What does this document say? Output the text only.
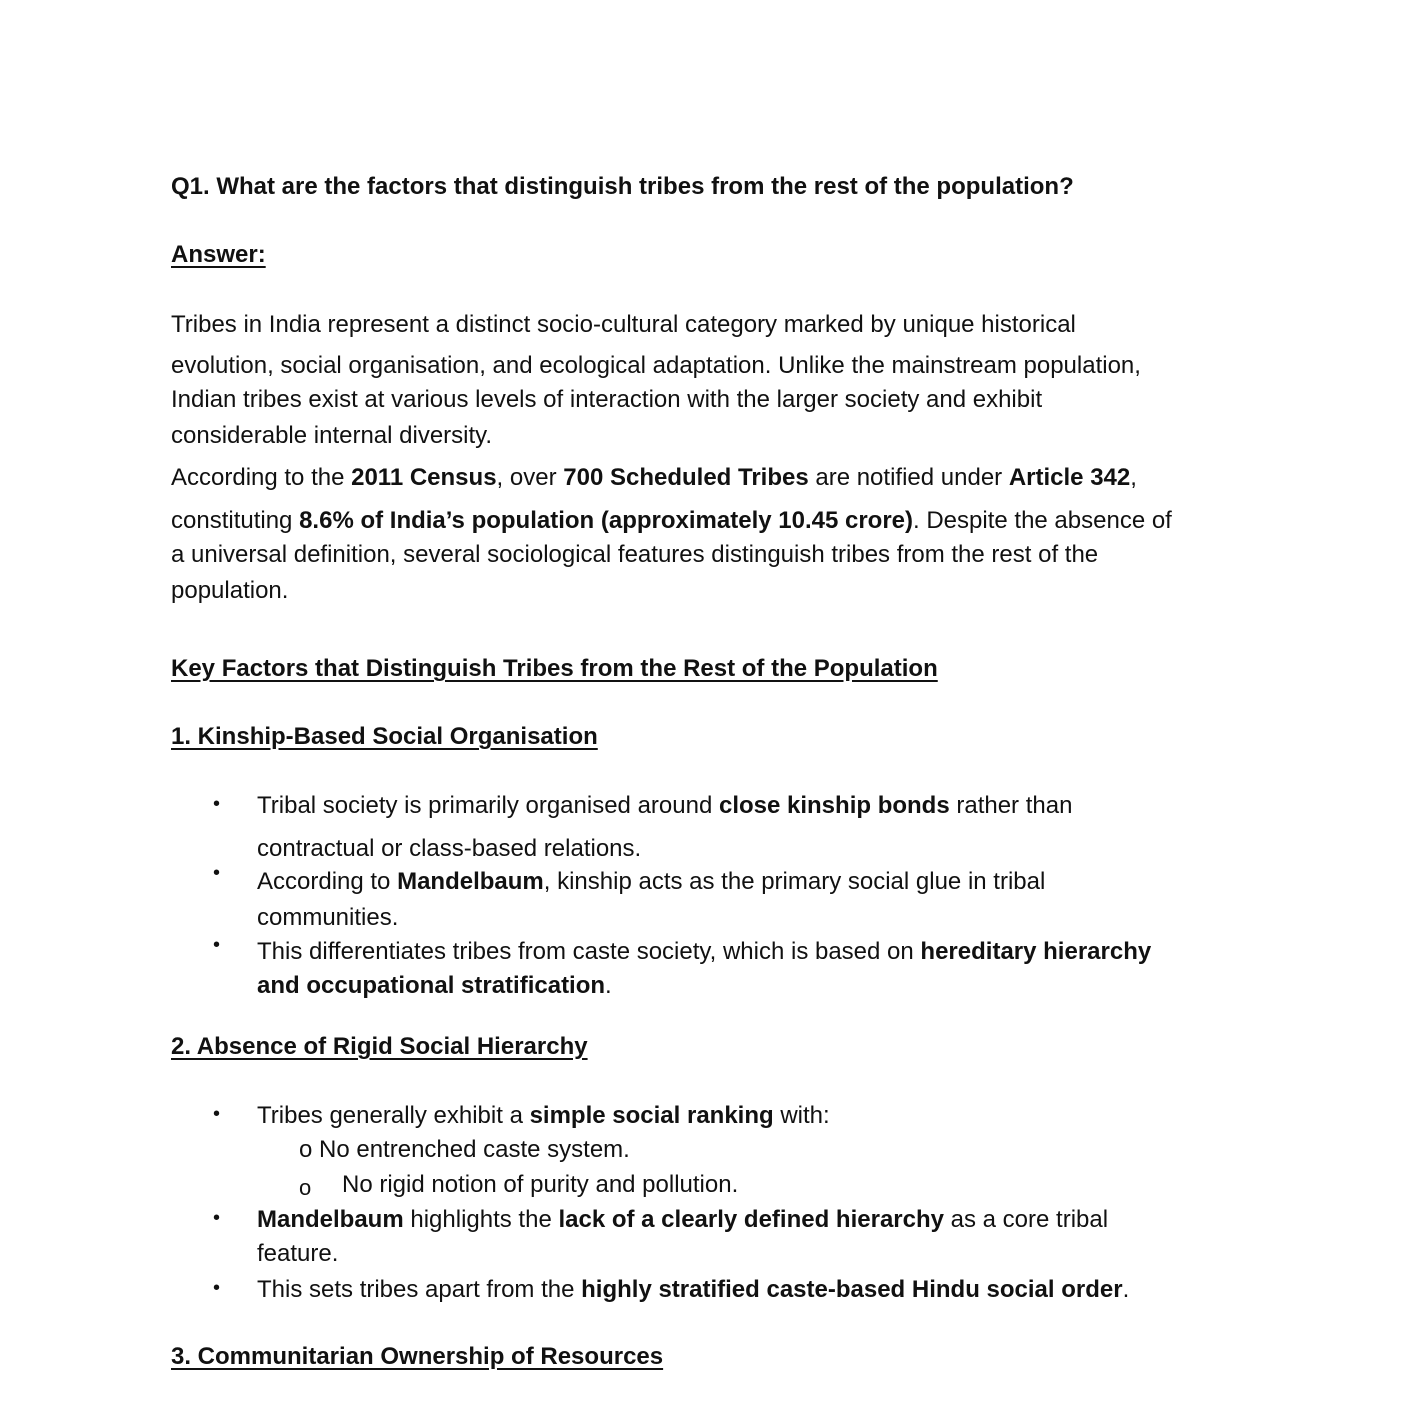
Q1. What are the factors that distinguish tribes from the rest of the population?

Answer:

Tribes in India represent a distinct socio-cultural category marked by unique historical

evolution, social organisation, and ecological adaptation. Unlike the mainstream population,

Indian tribes exist at various levels of interaction with the larger society and exhibit

considerable internal diversity.

According to the 2011 Census, over 700 Scheduled Tribes are notified under Article 342,

constituting 8.6% of India’s population (approximately 10.45 crore). Despite the absence of

a universal definition, several sociological features distinguish tribes from the rest of the

population.

Key Factors that Distinguish Tribes from the Rest of the Population

1. Kinship-Based Social Organisation

• Tribal society is primarily organised around close kinship bonds rather than

contractual or class-based relations.

• According to Mandelbaum, kinship acts as the primary social glue in tribal

communities.

• This differentiates tribes from caste society, which is based on hereditary hierarchy

and occupational stratification.

2. Absence of Rigid Social Hierarchy

• Tribes generally exhibit a simple social ranking with:

o No entrenched caste system.

o No rigid notion of purity and pollution.

• Mandelbaum highlights the lack of a clearly defined hierarchy as a core tribal

feature.

• This sets tribes apart from the highly stratified caste-based Hindu social order.

3. Communitarian Ownership of Resources
